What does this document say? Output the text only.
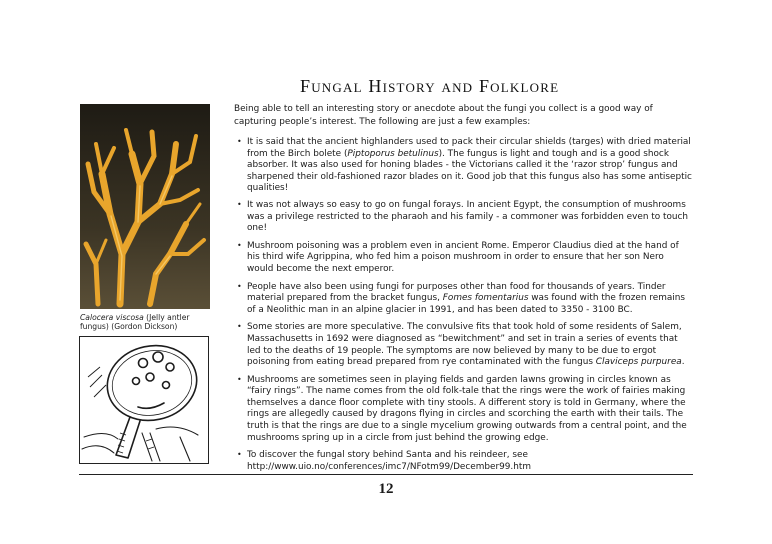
Fungal History and Folklore
Calocera viscosa (Jelly antler fungus) (Gordon Dickson)
Being able to tell an interesting story or anecdote about the fungi you collect is a good way of capturing people’s interest. The following are just a few examples:
• It is said that the ancient highlanders used to pack their circular shields (targes) with dried material from the Birch bolete (Piptoporus betulinus). The fungus is light and tough and is a good shock absorber. It was also used for honing blades - the Victorians called it the ‘razor strop’ fungus and sharpened their old-fashioned razor blades on it. Good job that this fungus also has some antiseptic qualities!
• It was not always so easy to go on fungal forays. In ancient Egypt, the consumption of mushrooms was a privilege restricted to the pharaoh and his family - a commoner was forbidden even to touch one!
• Mushroom poisoning was a problem even in ancient Rome. Emperor Claudius died at the hand of his third wife Agrippina, who fed him a poison mushroom in order to ensure that her son Nero would become the next emperor.
• People have also been using fungi for purposes other than food for thousands of years. Tinder material prepared from the bracket fungus, Fomes fomentarius was found with the frozen remains of a Neolithic man in an alpine glacier in 1991, and has been dated to 3350 - 3100 BC.
• Some stories are more speculative. The convulsive fits that took hold of some residents of Salem, Massachusetts in 1692 were diagnosed as “bewitchment” and set in train a series of events that led to the deaths of 19 people. The symptoms are now believed by many to be due to ergot poisoning from eating bread prepared from rye contaminated with the fungus Claviceps purpurea.
• Mushrooms are sometimes seen in playing fields and garden lawns growing in circles known as “fairy rings”. The name comes from the old folk-tale that the rings were the work of fairies making themselves a dance floor complete with tiny stools. A different story is told in Germany, where the rings are allegedly caused by dragons flying in circles and scorching the earth with their tails. The truth is that the rings are due to a single mycelium growing outwards from a central point, and the mushrooms spring up in a circle from just behind the growing edge.
• To discover the fungal story behind Santa and his reindeer, see http://www.uio.no/conferences/imc7/NFotm99/December99.htm
12
